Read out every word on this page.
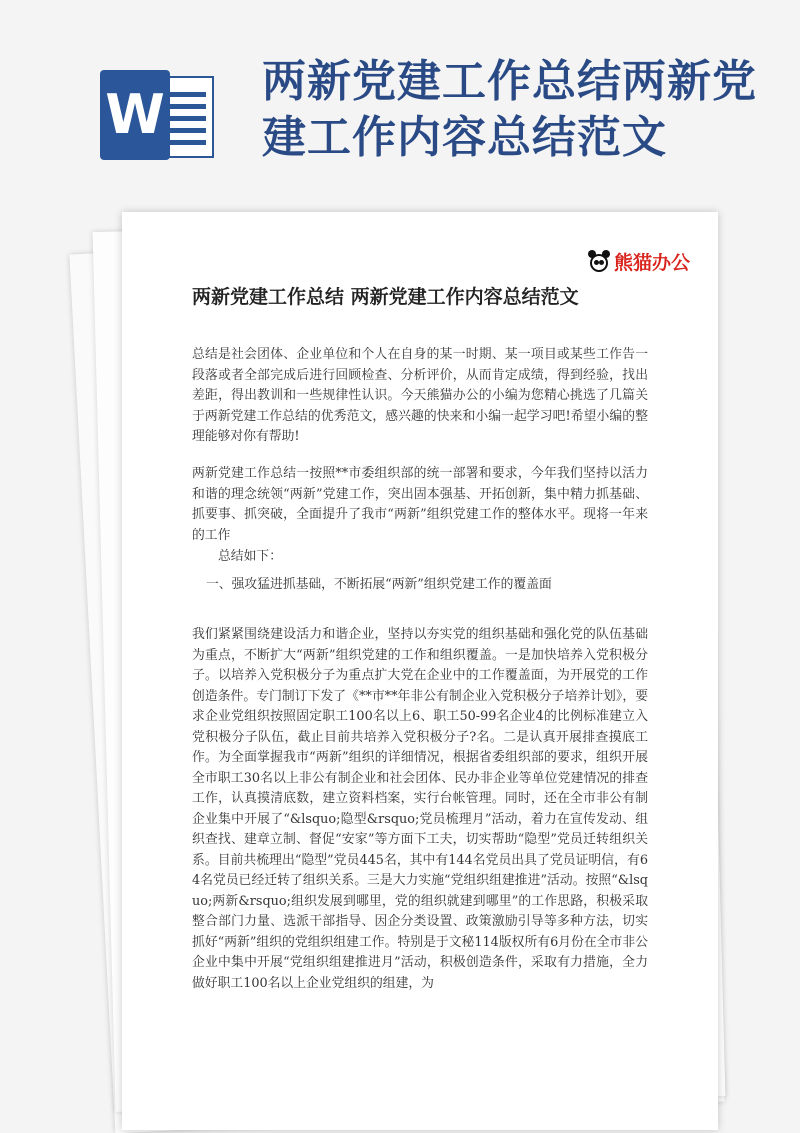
W
两新党建工作总结两新党建工作内容总结范文
熊猫办公
两新党建工作总结 两新党建工作内容总结范文

总结是社会团体、企业单位和个人在自身的某一时期、某一项目或某些工作告一段落或者全部完成后进行回顾检查、分析评价，从而肯定成绩，得到经验，找出差距，得出教训和一些规律性认识。今天熊猫办公的小编为您精心挑选了几篇关于两新党建工作总结的优秀范文，感兴趣的快来和小编一起学习吧!希望小编的整理能够对你有帮助!

两新党建工作总结一按照**市委组织部的统一部署和要求，今年我们坚持以活力和谐的理念统领“两新”党建工作，突出固本强基、开拓创新，集中精力抓基础、抓要事、抓突破，全面提升了我市“两新”组织党建工作的整体水平。现将一年来的工作

总结如下：

一、强攻猛进抓基础，不断拓展“两新”组织党建工作的覆盖面

我们紧紧围绕建设活力和谐企业，坚持以夯实党的组织基础和强化党的队伍基础为重点，不断扩大“两新”组织党建的工作和组织覆盖。一是加快培养入党积极分子。以培养入党积极分子为重点扩大党在企业中的工作覆盖面，为开展党的工作创造条件。专门制订下发了《**市**年非公有制企业入党积极分子培养计划》，要求企业党组织按照固定职工100名以上6、职工50-99名企业4的比例标准建立入党积极分子队伍，截止目前共培养入党积极分子?名。二是认真开展排查摸底工作。为全面掌握我市“两新”组织的详细情况，根据省委组织部的要求，组织开展全市职工30名以上非公有制企业和社会团体、民办非企业等单位党建情况的排查工作，认真摸清底数，建立资料档案，实行台帐管理。同时，还在全市非公有制企业集中开展了“&lsquo;隐型&rsquo;党员梳理月”活动，着力在宣传发动、组织查找、建章立制、督促“安家”等方面下工夫，切实帮助“隐型”党员迁转组织关系。目前共梳理出“隐型”党员445名，其中有144名党员出具了党员证明信，有64名党员已经迁转了组织关系。三是大力实施“党组织组建推进”活动。按照“&lsquo;两新&rsquo;组织发展到哪里，党的组织就建到哪里”的工作思路，积极采取整合部门力量、选派干部指导、因企分类设置、政策激励引导等多种方法，切实抓好“两新”组织的党组织组建工作。特别是于文秘114版权所有6月份在全市非公企业中集中开展“党组织组建推进月”活动，积极创造条件，采取有力措施，全力做好职工100名以上企业党组织的组建，为
